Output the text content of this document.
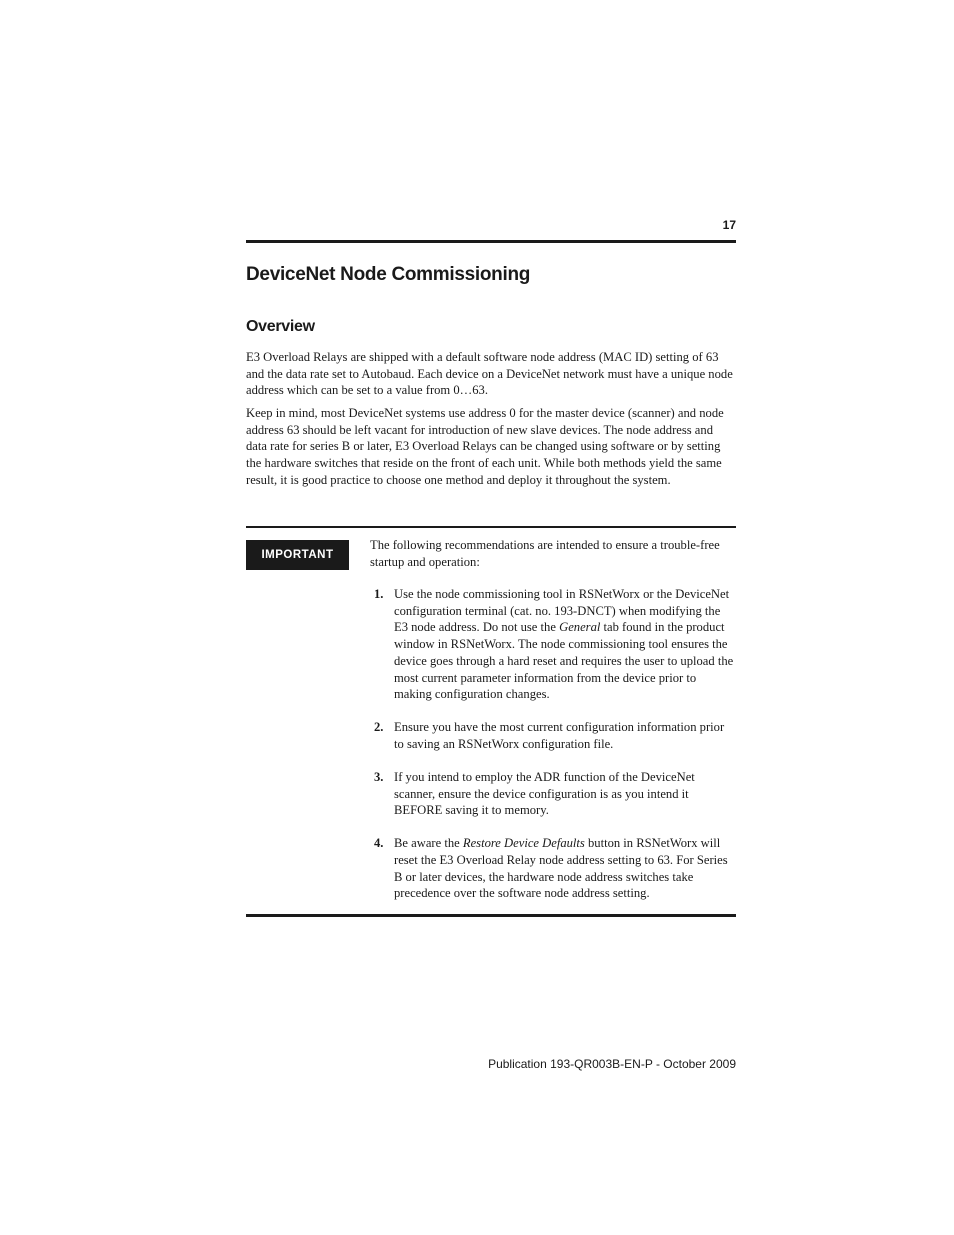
17
DeviceNet Node Commissioning
Overview

E3 Overload Relays are shipped with a default software node address (MAC ID) setting of 63 and the data rate set to Autobaud. Each device on a DeviceNet network must have a unique node address which can be set to a value from 0…63.

Keep in mind, most DeviceNet systems use address 0 for the master device (scanner) and node address 63 should be left vacant for introduction of new slave devices. The node address and data rate for series B or later, E3 Overload Relays can be changed using software or by setting the hardware switches that reside on the front of each unit. While both methods yield the same result, it is good practice to choose one method and deploy it throughout the system.

IMPORTANT

The following recommendations are intended to ensure a trouble-free startup and operation:

1. Use the node commissioning tool in RSNetWorx or the DeviceNet configuration terminal (cat. no. 193-DNCT) when modifying the E3 node address. Do not use the General tab found in the product window in RSNetWorx. The node commissioning tool ensures the device goes through a hard reset and requires the user to upload the most current parameter information from the device prior to making configuration changes.
2. Ensure you have the most current configuration information prior to saving an RSNetWorx configuration file.
3. If you intend to employ the ADR function of the DeviceNet scanner, ensure the device configuration is as you intend it BEFORE saving it to memory.
4. Be aware the Restore Device Defaults button in RSNetWorx will reset the E3 Overload Relay node address setting to 63. For Series B or later devices, the hardware node address switches take precedence over the software node address setting.
Publication 193-QR003B-EN-P - October 2009
